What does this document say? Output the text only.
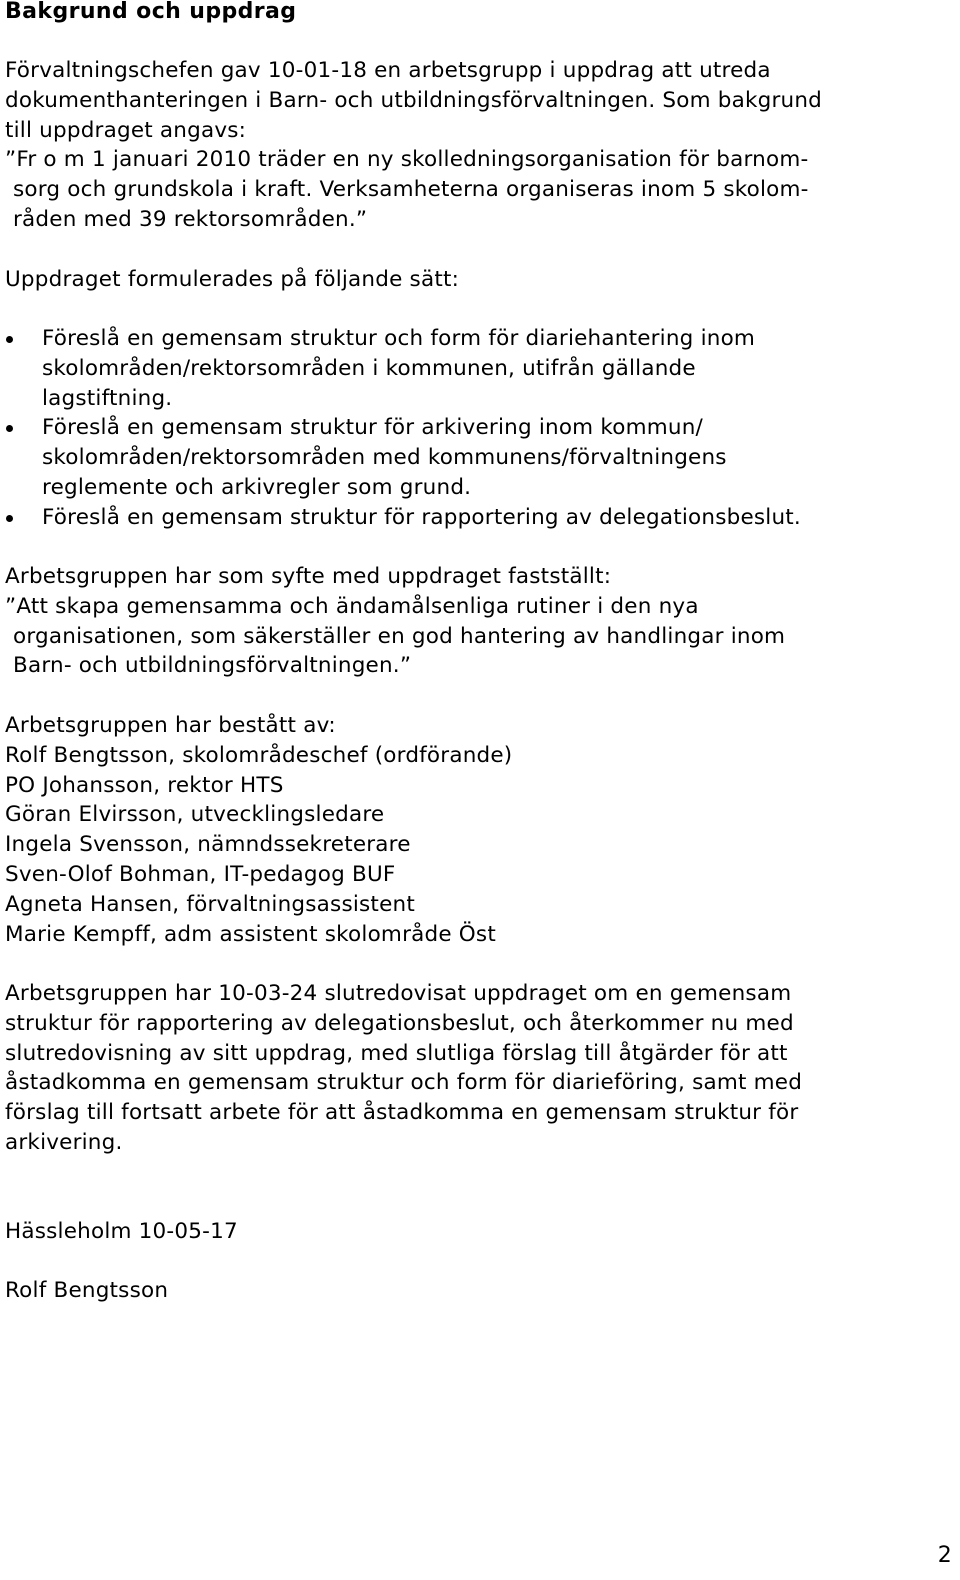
Bakgrund och uppdrag
Förvaltningschefen gav 10-01-18 en arbetsgrupp i uppdrag att utreda
dokumenthanteringen i Barn- och utbildningsförvaltningen. Som bakgrund
till uppdraget angavs:
”Fr o m 1 januari 2010 träder en ny skolledningsorganisation för barnom-
sorg och grundskola i kraft. Verksamheterna organiseras inom 5 skolom-
råden med 39 rektorsområden.”
Uppdraget formulerades på följande sätt:
Föreslå en gemensam struktur och form för diariehantering inom
skolområden/rektorsområden i kommunen, utifrån gällande
lagstiftning.
Föreslå en gemensam struktur för arkivering inom kommun/
skolområden/rektorsområden med kommunens/förvaltningens
reglemente och arkivregler som grund.
Föreslå en gemensam struktur för rapportering av delegationsbeslut.
Arbetsgruppen har som syfte med uppdraget fastställt:
”Att skapa gemensamma och ändamålsenliga rutiner i den nya
organisationen, som säkerställer en god hantering av handlingar inom
Barn- och utbildningsförvaltningen.”
Arbetsgruppen har bestått av:
Rolf Bengtsson, skolområdeschef (ordförande)
PO Johansson, rektor HTS
Göran Elvirsson, utvecklingsledare
Ingela Svensson, nämndssekreterare
Sven-Olof Bohman, IT-pedagog BUF
Agneta Hansen, förvaltningsassistent
Marie Kempff, adm assistent skolområde Öst
Arbetsgruppen har 10-03-24 slutredovisat uppdraget om en gemensam
struktur för rapportering av delegationsbeslut, och återkommer nu med
slutredovisning av sitt uppdrag, med slutliga förslag till åtgärder för att
åstadkomma en gemensam struktur och form för diarieföring, samt med
förslag till fortsatt arbete för att åstadkomma en gemensam struktur för
arkivering.
Hässleholm 10-05-17
Rolf Bengtsson
2
